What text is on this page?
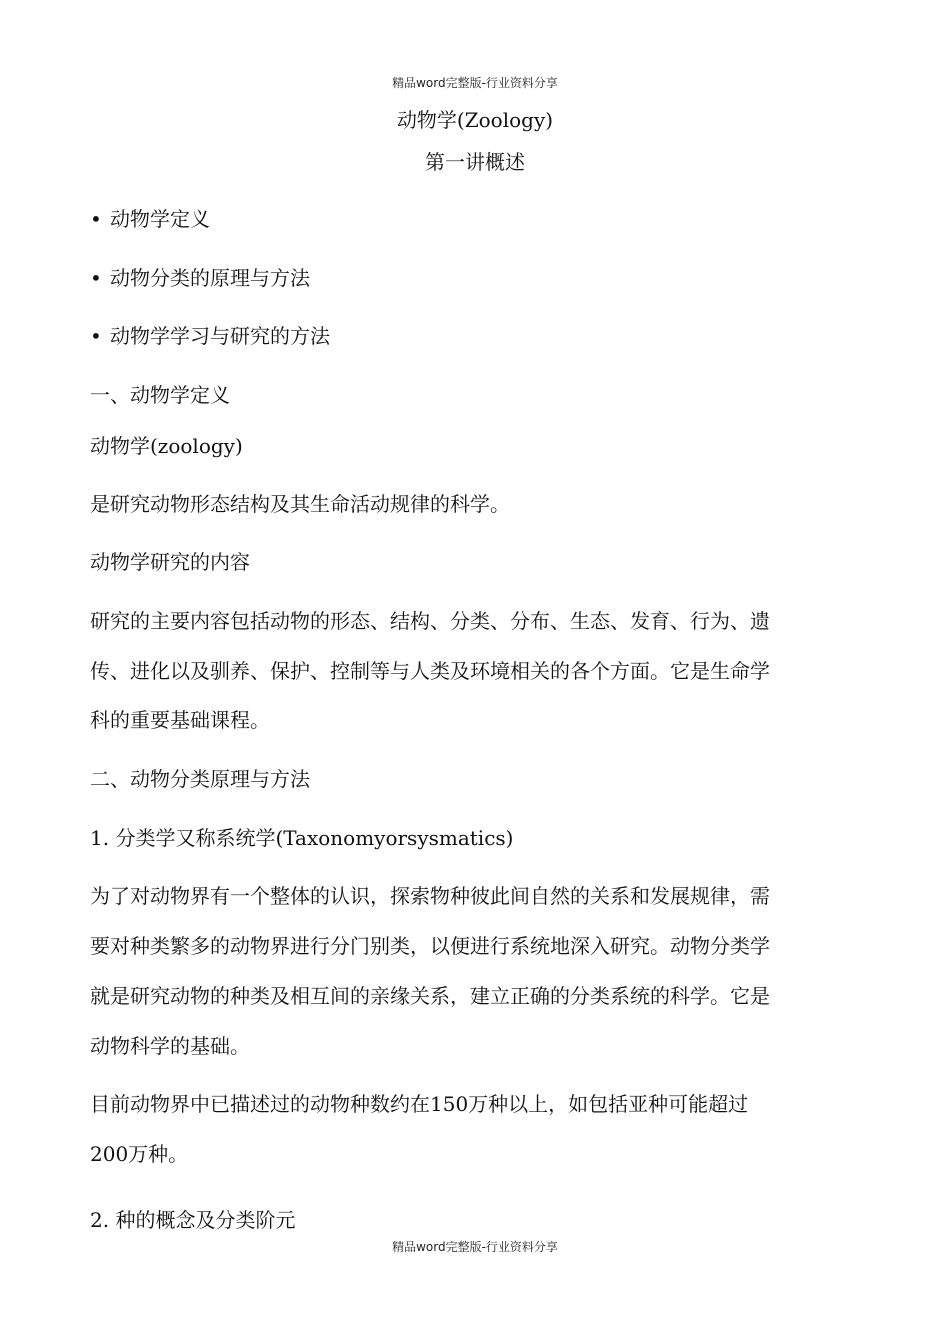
精品word完整版-行业资料分享
动物学(Zoology)
第一讲概述
• 动物学定义
• 动物分类的原理与方法
• 动物学学习与研究的方法
一、动物学定义
动物学(zoology)
是研究动物形态结构及其生命活动规律的科学。
动物学研究的内容
研究的主要内容包括动物的形态、结构、分类、分布、生态、发育、行为、遗
传、进化以及驯养、保护、控制等与人类及环境相关的各个方面。它是生命学
科的重要基础课程。
二、动物分类原理与方法
1. 分类学又称系统学(Taxonomyorsysmatics)
为了对动物界有一个整体的认识，探索物种彼此间自然的关系和发展规律，需
要对种类繁多的动物界进行分门别类，以便进行系统地深入研究。动物分类学
就是研究动物的种类及相互间的亲缘关系，建立正确的分类系统的科学。它是
动物科学的基础。
目前动物界中已描述过的动物种数约在150万种以上，如包括亚种可能超过
200万种。
2. 种的概念及分类阶元
精品word完整版-行业资料分享
